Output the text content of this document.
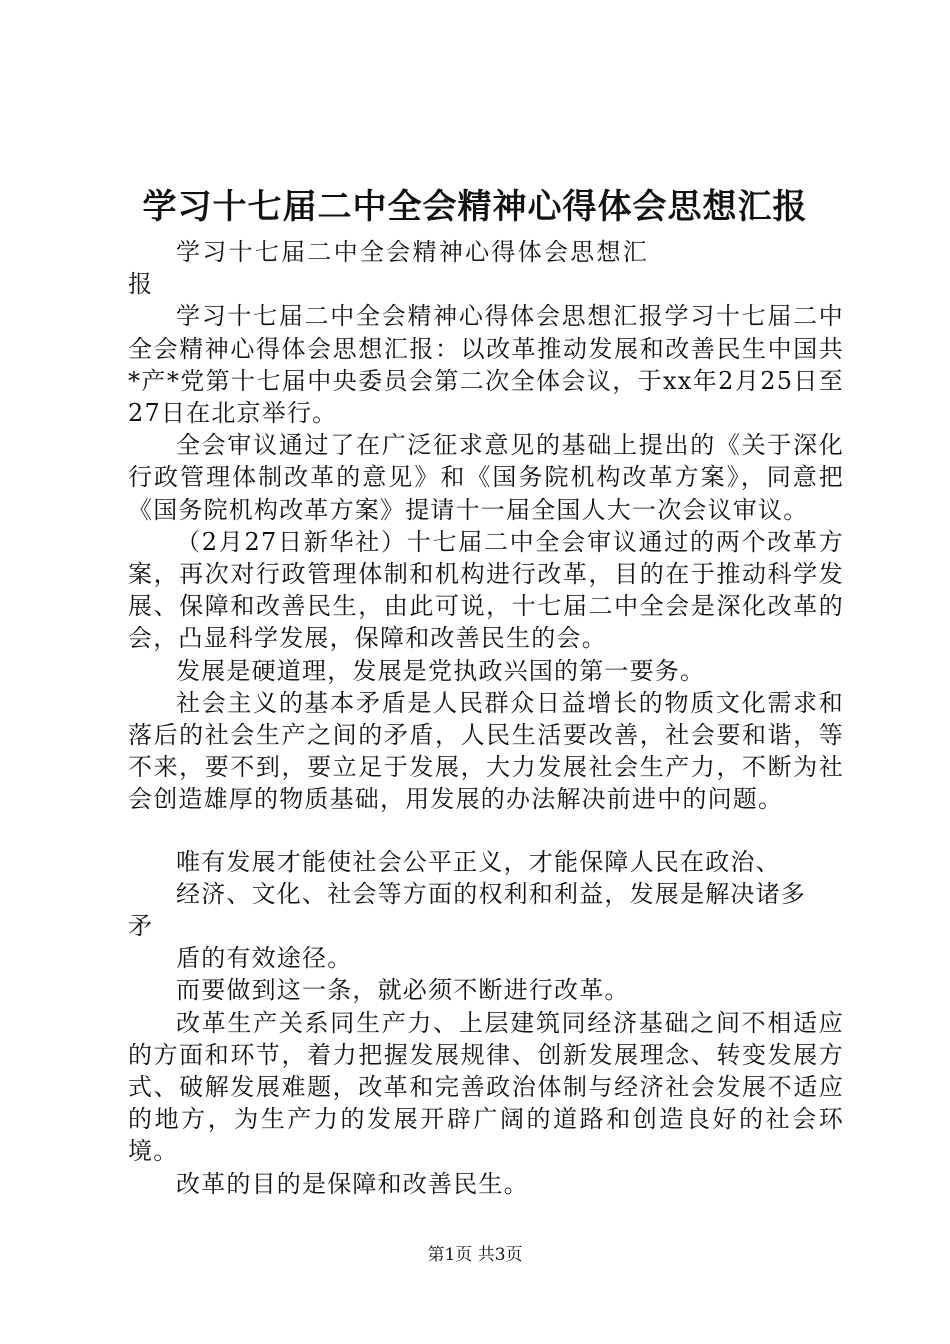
学习十七届二中全会精神心得体会思想汇报

学习十七届二中全会精神心得体会思想汇报

学习十七届二中全会精神心得体会思想汇报学习十七届二中全会精神心得体会思想汇报：以改革推动发展和改善民生中国共*产*党第十七届中央委员会第二次全体会议，于xx年2月25日至27日在北京举行。

全会审议通过了在广泛征求意见的基础上提出的《关于深化行政管理体制改革的意见》和《国务院机构改革方案》，同意把《国务院机构改革方案》提请十一届全国人大一次会议审议。

（2月27日新华社）十七届二中全会审议通过的两个改革方案，再次对行政管理体制和机构进行改革，目的在于推动科学发展、保障和改善民生，由此可说，十七届二中全会是深化改革的会，凸显科学发展，保障和改善民生的会。

发展是硬道理，发展是党执政兴国的第一要务。

社会主义的基本矛盾是人民群众日益增长的物质文化需求和落后的社会生产之间的矛盾，人民生活要改善，社会要和谐，等不来，要不到，要立足于发展，大力发展社会生产力，不断为社会创造雄厚的物质基础，用发展的办法解决前进中的问题。

唯有发展才能使社会公平正义，才能保障人民在政治、

经济、文化、社会等方面的权利和利益，发展是解决诸多

矛

盾的有效途径。

而要做到这一条，就必须不断进行改革。

改革生产关系同生产力、上层建筑同经济基础之间不相适应的方面和环节，着力把握发展规律、创新发展理念、转变发展方式、破解发展难题，改革和完善政治体制与经济社会发展不适应的地方，为生产力的发展开辟广阔的道路和创造良好的社会环境。

改革的目的是保障和改善民生。

第1页 共3页
